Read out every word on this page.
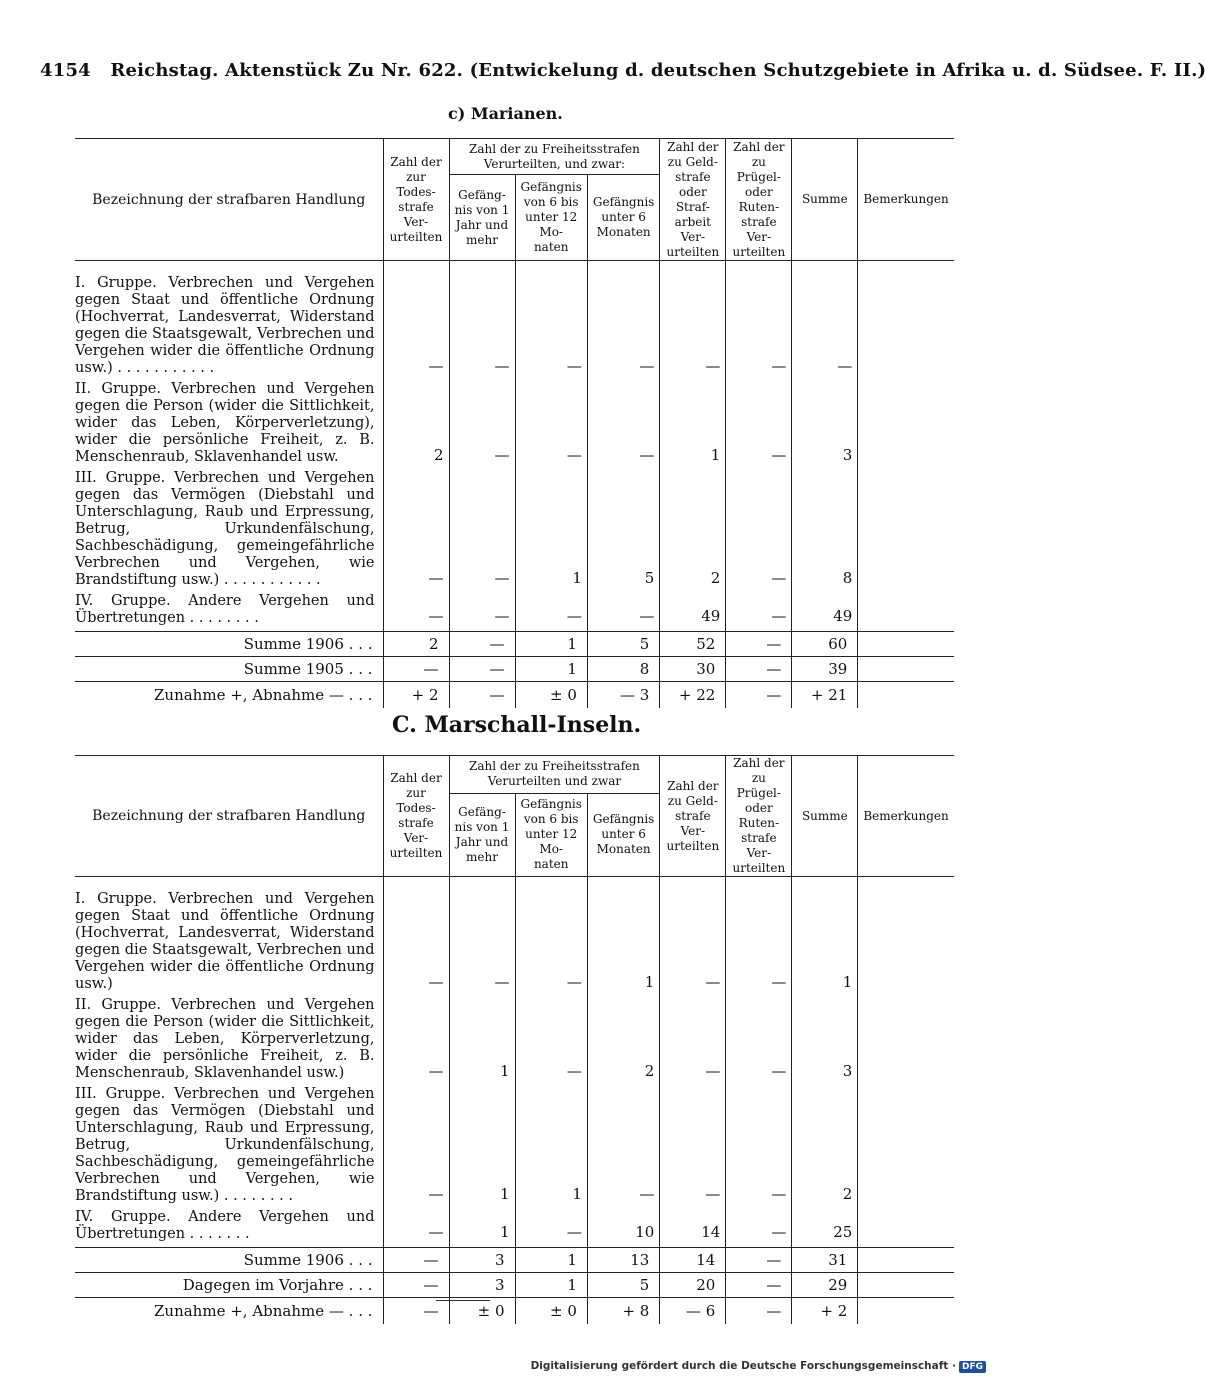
4154 Reichstag. Aktenstück Zu Nr. 622. (Entwickelung d. deutschen Schutzgebiete in Afrika u. d. Südsee. F. II.)
c) Marianen.
Bezeichnung der strafbaren Handlung	Zahl der zur Todes- strafe Ver- urteilten	Zahl der zu Freiheitsstrafen Verurteilten, und zwar:			Zahl der zu Geld- strafe oder Straf- arbeit Ver- urteilten	Zahl der zu Prügel- oder Ruten- strafe Ver- urteilten	Summe	Bemerkungen
		Gefäng- nis von 1 Jahr und mehr	Gefängnis von 6 bis unter 12 Mo- naten	Gefängnis unter 6 Monaten				
I. Gruppe. Verbrechen und Vergehen gegen Staat und öffentliche Ordnung (Hochverrat, Landesverrat, Widerstand gegen die Staatsgewalt, Verbrechen und Vergehen wider die öffentliche Ordnung usw.) . . . . . . . . . . .	—	—	—	—	—	—	—	
II. Gruppe. Verbrechen und Vergehen gegen die Person (wider die Sittlichkeit, wider das Leben, Körperverletzung), wider die persönliche Freiheit, z. B. Menschenraub, Sklavenhandel usw.	2	—	—	—	1	—	3	
III. Gruppe. Verbrechen und Vergehen gegen das Vermögen (Diebstahl und Unterschlagung, Raub und Erpressung, Betrug, Urkundenfälschung, Sachbeschädigung, gemeingefährliche Verbrechen und Vergehen, wie Brandstiftung usw.) . . . . . . . . . . .	—	—	1	5	2	—	8	
IV. Gruppe. Andere Vergehen und Übertretungen . . . . . . . .	—	—	—	—	49	—	49	
Summe 1906 . . .	2	—	1	5	52	—	60	
Summe 1905 . . .	—	—	1	8	30	—	39	
Zunahme +, Abnahme — . . .	+ 2	—	± 0	— 3	+ 22	—	+ 21	
C. Marschall-Inseln.
Bezeichnung der strafbaren Handlung	Zahl der zur Todes- strafe Ver- urteilten	Zahl der zu Freiheitsstrafen Verurteilten und zwar			Zahl der zu Geld- strafe Ver- urteilten	Zahl der zu Prügel- oder Ruten- strafe Ver- urteilten	Summe	Bemerkungen
		Gefäng- nis von 1 Jahr und mehr	Gefängnis von 6 bis unter 12 Mo- naten	Gefängnis unter 6 Monaten				
I. Gruppe. Verbrechen und Vergehen gegen Staat und öffentliche Ordnung (Hochverrat, Landesverrat, Widerstand gegen die Staatsgewalt, Verbrechen und Vergehen wider die öffentliche Ordnung usw.)	—	—	—	1	—	—	1	
II. Gruppe. Verbrechen und Vergehen gegen die Person (wider die Sittlichkeit, wider das Leben, Körperverletzung, wider die persönliche Freiheit, z. B. Menschenraub, Sklavenhandel usw.)	—	1	—	2	—	—	3	
III. Gruppe. Verbrechen und Vergehen gegen das Vermögen (Diebstahl und Unterschlagung, Raub und Erpressung, Betrug, Urkundenfälschung, Sachbeschädigung, gemeingefährliche Verbrechen und Vergehen, wie Brandstiftung usw.) . . . . . . . .	—	1	1	—	—	—	2	
IV. Gruppe. Andere Vergehen und Übertretungen . . . . . . .	—	1	—	10	14	—	25	
Summe 1906 . . .	—	3	1	13	14	—	31	
Dagegen im Vorjahre . . .	—	3	1	5	20	—	29	
Zunahme +, Abnahme — . . .	—	± 0	± 0	+ 8	— 6	—	+ 2	
Digitalisierung gefördert durch die Deutsche Forschungsgemeinschaft · DFG
